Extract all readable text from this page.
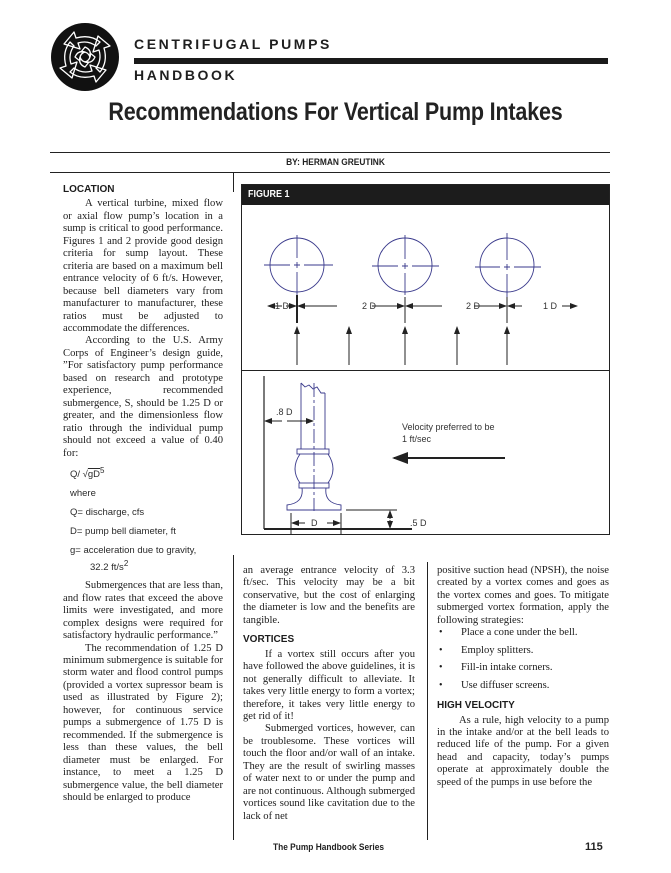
CENTRIFUGAL PUMPS
HANDBOOK
Recommendations For Vertical Pump Intakes
BY: HERMAN GREUTINK
LOCATION

A vertical turbine, mixed flow or axial flow pump’s location in a sump is critical to good performance. Figures 1 and 2 provide good design criteria for sump layout. These criteria are based on a maximum bell entrance velocity of 6 ft/s. However, because bell diameters vary from manufacturer to manufacturer, these ratios must be adjusted to accommodate the differences.

According to the U.S. Army Corps of Engineer’s design guide, ”For satisfactory pump performance based on research and prototype experience, recommended submergence, S, should be 1.25 D or greater, and the dimensionless flow ratio through the individual pump should not exceed a value of 0.40 for:

Q/ $√gD^5$
where
Q= discharge, cfs
D= pump bell diameter, ft
g= acceleration due to gravity,
32.2 $ft/s^2$

Submergences that are less than, and flow rates that exceed the above limits were investigated, and more complex designs were required for satisfactory hydraulic performance.”

The recommendation of 1.25 D minimum submergence is suitable for storm water and flood control pumps (provided a vortex supressor beam is used as illustrated by Figure 2); however, for continuous service pumps a submergence of 1.75 D is recommended. If the submergence is less than these values, the bell diameter must be enlarged. For instance, to meet a 1.25 D submergence value, the bell diameter should be enlarged to produce

FIGURE 1
1 D	2 D	2 D	1 D
.8 D
D	.5 D
Velocity preferred to be
1 ft/sec

an average entrance velocity of 3.3 ft/sec. This velocity may be a bit conservative, but the cost of enlarging the diameter is low and the benefits are tangible.

VORTICES

If a vortex still occurs after you have followed the above guidelines, it is not generally difficult to alleviate. It takes very little energy to form a vortex; therefore, it takes very little energy to get rid of it!

Submerged vortices, however, can be troublesome. These vortices will touch the floor and/or wall of an intake. They are the result of swirling masses of water next to or under the pump and are not continuous. Although submerged vortices sound like cavitation due to the lack of net

positive suction head (NPSH), the noise created by a vortex comes and goes as the vortex comes and goes. To mitigate submerged vortex formation, apply the following strategies:

• Place a cone under the bell.
• Employ splitters.
• Fill-in intake corners.
• Use diffuser screens.
HIGH VELOCITY

As a rule, high velocity to a pump in the intake and/or at the bell leads to reduced life of the pump. For a given head and capacity, today’s pumps operate at approximately double the speed of the pumps in use before the

The Pump Handbook Series	115
